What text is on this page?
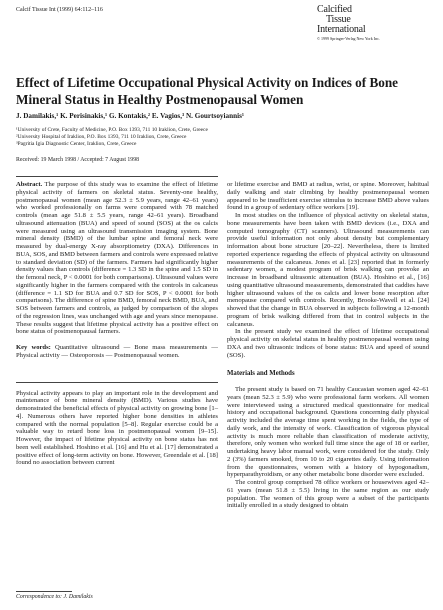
Calcif Tissue Int (1999) 64:112–116	Calcified
Tissue
International
© 1999 Springer-Verlag New York Inc.
Effect of Lifetime Occupational Physical Activity on Indices of Bone Mineral Status in Healthy Postmenopausal Women
J. Damilakis,¹ K. Perisinakis,¹ G. Kontakis,² E. Vagios,³ N. Gourtsoyiannis¹
¹University of Crete, Faculty of Medicine, P.O. Box 1393, 711 10 Iraklion, Crete, Greece
²University Hospital of Iraklion, P.O. Box 1393, 711 10 Iraklion, Crete, Greece
³Pagritia Igia Diagnostic Center, Iraklion, Crete, Greece
Received: 19 March 1998 / Accepted: 7 August 1998

Abstract. The purpose of this study was to examine the effect of lifetime physical activity of farmers on skeletal status. Seventy-one healthy, postmenopausal women (mean age 52.3 ± 5.9 years, range 42–61 years) who worked professionally on farms were compared with 78 matched controls (mean age 51.8 ± 5.5 years, range 42–61 years). Broadband ultrasound attenuation (BUA) and speed of sound (SOS) at the os calcis were measured using an ultrasound transmission imaging system. Bone mineral density (BMD) of the lumbar spine and femoral neck were measured by dual-energy X-ray absorptiometry (DXA). Differences in BUA, SOS, and BMD between farmers and controls were expressed relative to standard deviation (SD) of the farmers. Farmers had significantly higher density values than controls (difference = 1.3 SD in the spine and 1.5 SD in the femoral neck, P < 0.0001 for both comparisons). Ultrasound values were significantly higher in the farmers compared with the controls in calcaneus (difference = 1.1 SD for BUA and 0.7 SD for SOS, P < 0.0001 for both comparisons). The difference of spine BMD, femoral neck BMD, BUA, and SOS between farmers and controls, as judged by comparison of the slopes of the regression lines, was unchanged with age and years since menopause. These results suggest that lifetime physical activity has a positive effect on bone status of postmenopausal farmers.

Key words: Quantitative ultrasound — Bone mass measurements — Physical activity — Osteoporosis — Postmenopausal women.

Physical activity appears to play an important role in the development and maintenance of bone mineral density (BMD). Various studies have demonstrated the beneficial effects of physical activity on growing bone [1–4]. Numerous others have reported higher bone densities in athletes compared with the normal population [5–8]. Regular exercise could be a valuable way to retard bone loss in postmenopausal women [9–15]. However, the impact of lifetime physical activity on bone status has not been well established. Hoshino et al. [16] and Hu et al. [17] demonstrated a positive effect of long-term activity on bone. However, Greendale et al. [18] found no association between current

or lifetime exercise and BMD at radius, wrist, or spine. Moreover, habitual daily walking and stair climbing by healthy postmenopausal women appeared to be insufficient exercise stimulus to increase BMD above values found in a group of sedentary office workers [19].

In most studies on the influence of physical activity on skeletal status, bone measurements have been taken with BMD devices (i.e., DXA and computed tomography (CT) scanners). Ultrasound measurements can provide useful information not only about density but complementary information about bone structure [20–22]. Nevertheless, there is limited reported experience regarding the effects of physical activity on ultrasound measurements of the calcaneus. Jones et al. [23] reported that in formerly sedentary women, a modest program of brisk walking can provoke an increase in broadband ultrasonic attenuation (BUA). Hoshino et al., [16] using quantitative ultrasound measurements, demonstrated that caddies have higher ultrasound values of the os calcis and lower bone resorption after menopause compared with controls. Recently, Brooke-Wavell et al. [24] showed that the change in BUA observed in subjects following a 12-month program of brisk walking differed from that in control subjects in the calcaneus.

In the present study we examined the effect of lifetime occupational physical activity on skeletal status in healthy postmenopausal women using DXA and two ultrasonic indices of bone status: BUA and speed of sound (SOS).

Materials and Methods

The present study is based on 71 healthy Caucasian women aged 42–61 years (mean 52.3 ± 5.9) who were professional farm workers. All women were interviewed using a structured medical questionnaire for medical history and occupational background. Questions concerning daily physical activity included the average time spent working in the fields, the type of daily work, and the intensity of work. Classification of vigorous physical activity is much more reliable than classification of moderate activity, therefore, only women who worked full time since the age of 18 or earlier, undertaking heavy labor manual work, were considered for the study. Only 2 (3%) farmers smoked, from 10 to 20 cigarettes daily. Using information from the questionnaires, women with a history of hypogonadism, hyperparathyroidism, or any other metabolic bone disorder were excluded.

The control group comprised 78 office workers or housewives aged 42–61 years (mean 51.8 ± 5.5) living in the same region as our study population. The women of this group were a subset of the participants initially enrolled in a study designed to obtain

Correspondence to: J. Damilakis
